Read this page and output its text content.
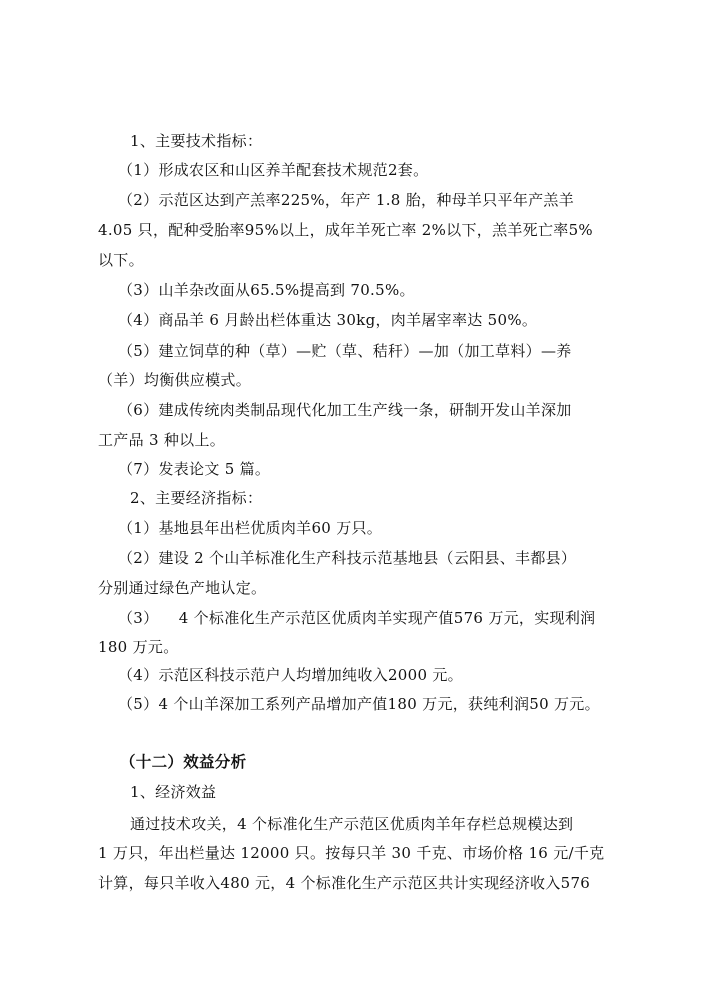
1、主要技术指标：
（1）形成农区和山区养羊配套技术规范2套。
（2）示范区达到产羔率225%，年产 1.8 胎，种母羊只平年产羔羊
4.05 只，配种受胎率95%以上，成年羊死亡率 2%以下，羔羊死亡率5%
以下。
（3）山羊杂改面从65.5%提高到 70.5%。
（4）商品羊 6 月龄出栏体重达 30kg，肉羊屠宰率达 50%。
（5）建立饲草的种（草）—贮（草、秸秆）—加（加工草料）—养
（羊）均衡供应模式。
（6）建成传统肉类制品现代化加工生产线一条，研制开发山羊深加
工产品 3 种以上。
（7）发表论文 5 篇。
2、主要经济指标：
（1）基地县年出栏优质肉羊60 万只。
（2）建设 2 个山羊标准化生产科技示范基地县（云阳县、丰都县）
分别通过绿色产地认定。
（3）    4 个标准化生产示范区优质肉羊实现产值576 万元，实现利润
180 万元。
（4）示范区科技示范户人均增加纯收入2000 元。
（5）4 个山羊深加工系列产品增加产值180 万元，获纯利润50 万元。
（十二）效益分析
1、经济效益
通过技术攻关，4 个标准化生产示范区优质肉羊年存栏总规模达到
1 万只，年出栏量达 12000 只。按每只羊 30 千克、市场价格 16 元/千克
计算，每只羊收入480 元，4 个标准化生产示范区共计实现经济收入576
